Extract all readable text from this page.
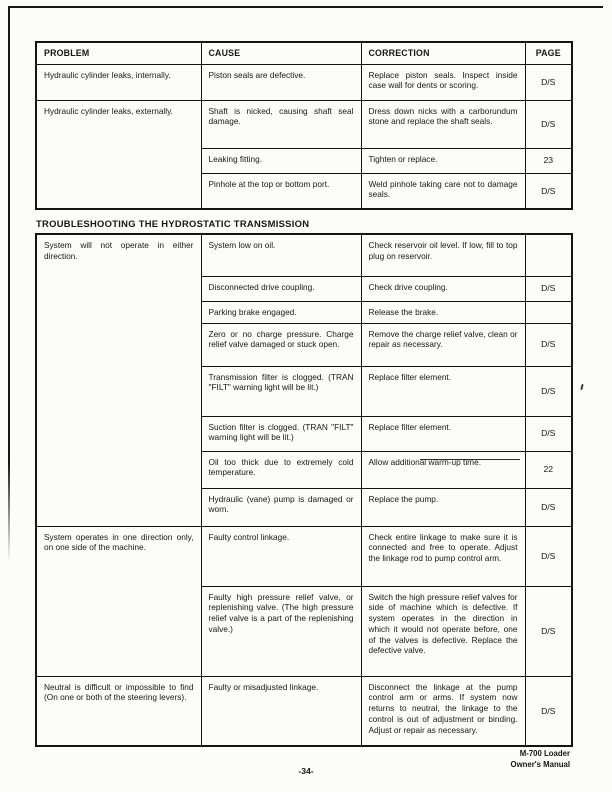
PROBLEM	CAUSE	CORRECTION	PAGE
Hydraulic cylinder leaks, internally.	Piston seals are defective.	Replace piston seals. Inspect inside case wall for dents or scoring.	D/S
Hydraulic cylinder leaks, externally.	Shaft is nicked, causing shaft seal damage.	Dress down nicks with a carborundum stone and replace the shaft seals.	D/S
	Leaking fitting.	Tighten or replace.	23
	Pinhole at the top or bottom port.	Weld pinhole taking care not to damage seals.	D/S
TROUBLESHOOTING THE HYDROSTATIC TRANSMISSION
System will not operate in either direction.	System low on oil.	Check reservoir oil level. If low, fill to top plug on reservoir.	
	Disconnected drive coupling.	Check drive coupling.	D/S
	Parking brake engaged.	Release the brake.	
	Zero or no charge pressure. Charge relief valve damaged or stuck open.	Remove the charge relief valve, clean or repair as necessary.	D/S
	Transmission filter is clogged. (TRAN "FILT" warning light will be lit.)	Replace filter element.	D/S
	Suction filter is clogged. (TRAN "FILT" warning light will be lit.)	Replace filter element.	D/S
	Oil too thick due to extremely cold temperature.	Allow additional warm-up time.	22
	Hydraulic (vane) pump is damaged or worn.	Replace the pump.	D/S
System operates in one direction only, on one side of the machine.	Faulty control linkage.	Check entire linkage to make sure it is connected and free to operate. Adjust the linkage rod to pump control arm.	D/S
	Faulty high pressure relief valve, or replenishing valve. (The high pressure relief valve is a part of the replenishing valve.)	Switch the high pressure relief valves for side of machine which is defective. If system operates in the direction in which it would not operate before, one of the valves is defective. Replace the defective valve.	D/S
Neutral is difficult or impossible to find (On one or both of the steering levers).	Faulty or misadjusted linkage.	Disconnect the linkage at the pump control arm or arms. If system now returns to neutral, the linkage to the control is out of adjustment or binding. Adjust or repair as necessary.	D/S
M-700 Loader
Owner's Manual
-34-
